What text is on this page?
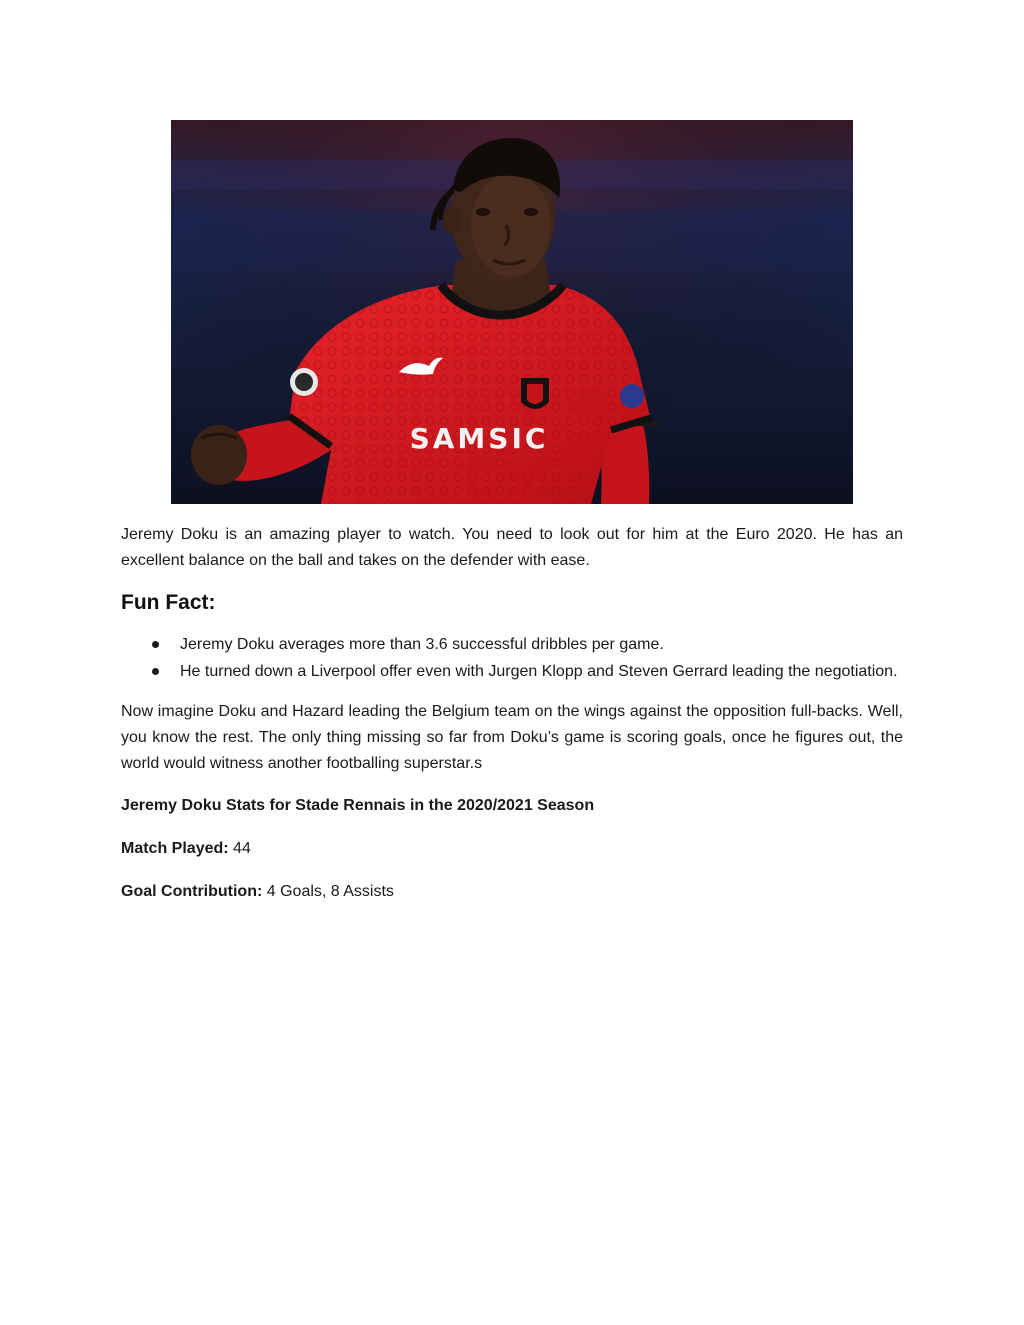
SAMSIC

Jeremy Doku is an amazing player to watch. You need to look out for him at the Euro 2020. He has an excellent balance on the ball and takes on the defender with ease.

Fun Fact:
Jeremy Doku averages more than 3.6 successful dribbles per game.
He turned down a Liverpool offer even with Jurgen Klopp and Steven Gerrard leading the negotiation.

Now imagine Doku and Hazard leading the Belgium team on the wings against the opposition full-backs. Well, you know the rest. The only thing missing so far from Doku’s game is scoring goals, once he figures out, the world would witness another footballing superstar.s

Jeremy Doku Stats for Stade Rennais in the 2020/2021 Season

Match Played: 44

Goal Contribution: 4 Goals, 8 Assists
